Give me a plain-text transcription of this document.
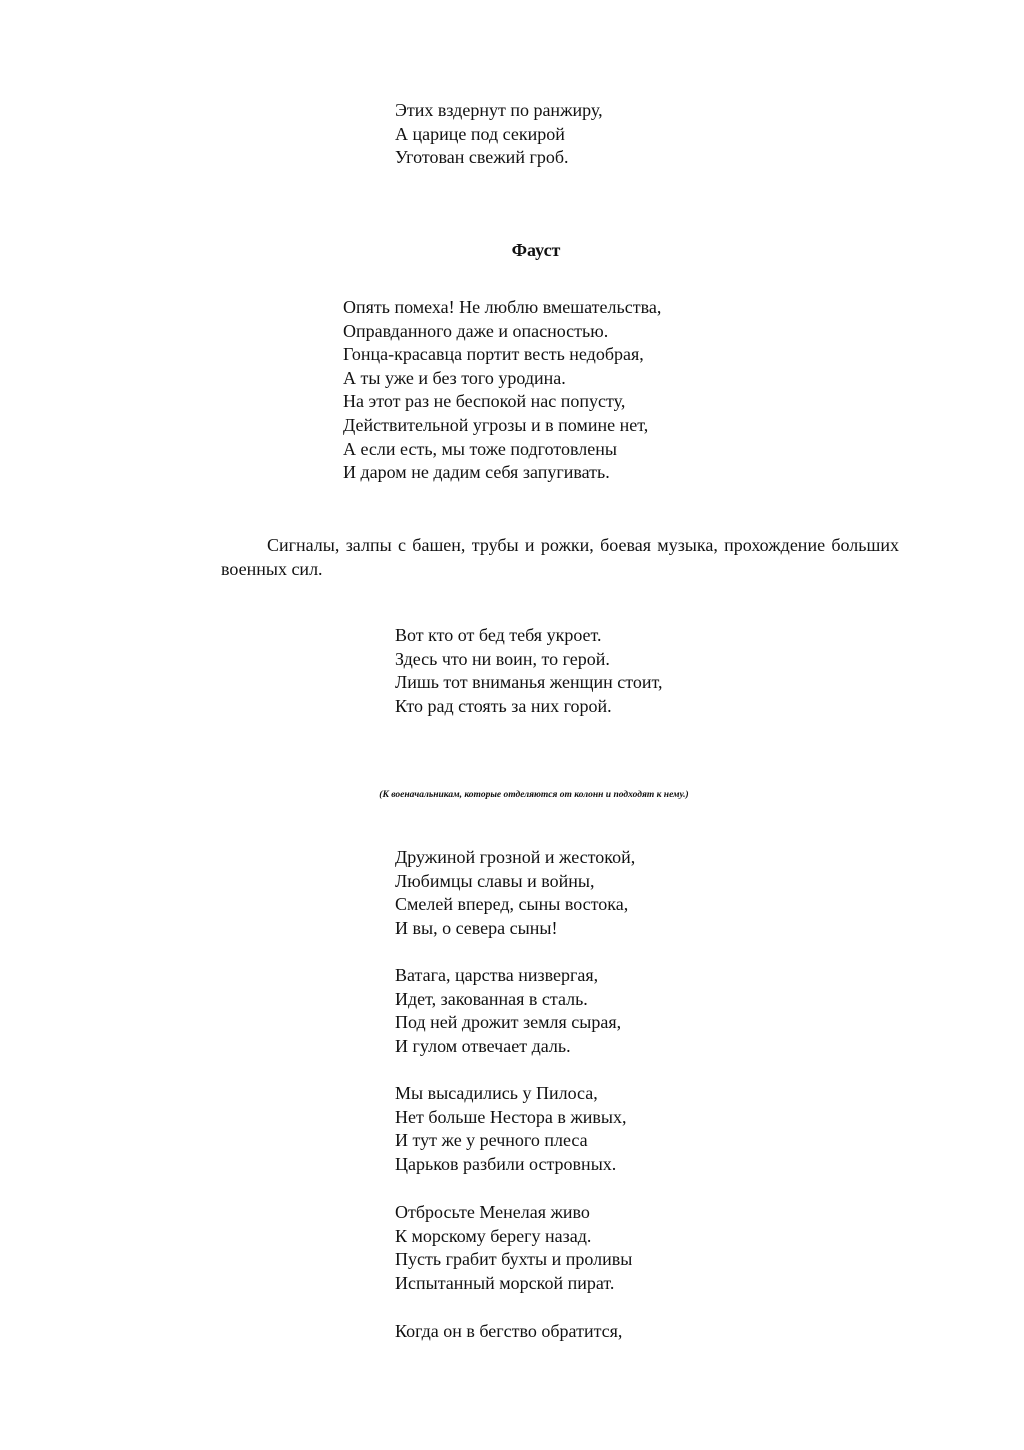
Этих вздернут по ранжиру,
А царице под секирой
Уготован свежий гроб.
Фауст
Опять помеха! Не люблю вмешательства,
Оправданного даже и опасностью.
Гонца-красавца портит весть недобрая,
А ты уже и без того уродина.
На этот раз не беспокой нас попусту,
Действительной угрозы и в помине нет,
А если есть, мы тоже подготовлены
И даром не дадим себя запугивать.
Сигналы, залпы с башен, трубы и рожки, боевая музыка, прохождение больших военных сил.
Вот кто от бед тебя укроет.
Здесь что ни воин, то герой.
Лишь тот вниманья женщин стоит,
Кто рад стоять за них горой.
(К военачальникам, которые отделяются от колонн и подходят к нему.)
Дружиной грозной и жестокой,
Любимцы славы и войны,
Смелей вперед, сыны востока,
И вы, о севера сыны!
Ватага, царства низвергая,
Идет, закованная в сталь.
Под ней дрожит земля сырая,
И гулом отвечает даль.
Мы высадились у Пилоса,
Нет больше Нестора в живых,
И тут же у речного плеса
Царьков разбили островных.
Отбросьте Менелая живо
К морскому берегу назад.
Пусть грабит бухты и проливы
Испытанный морской пират.
Когда он в бегство обратится,
